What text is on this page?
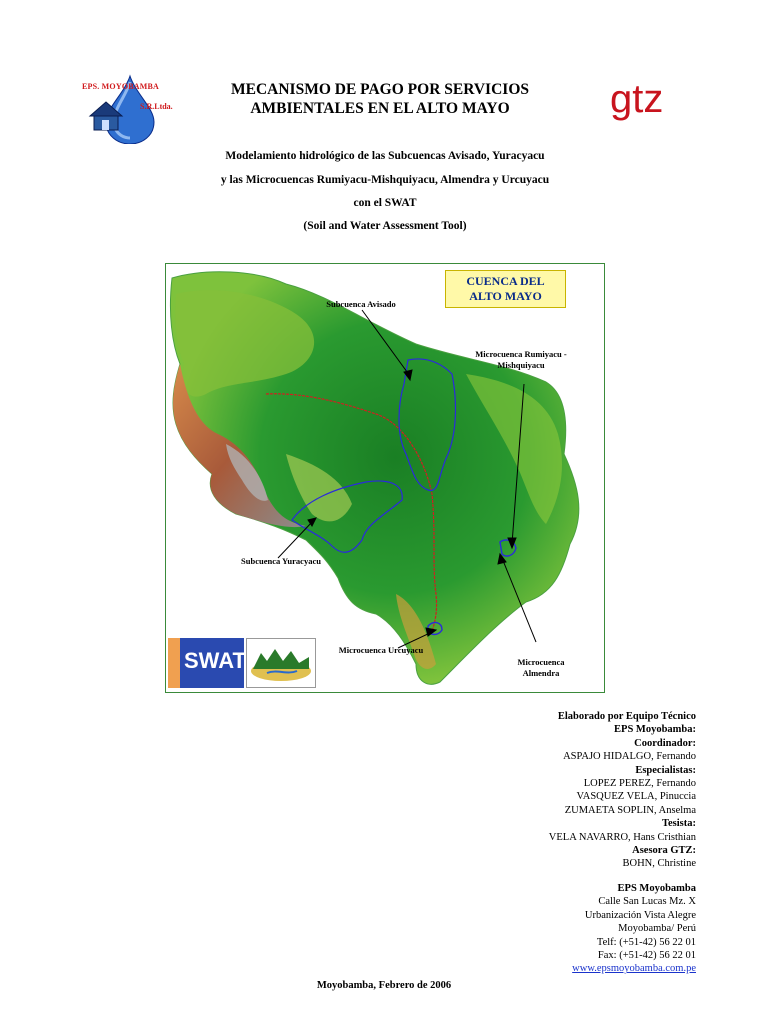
EPS. MOYOBAMBA
S.R.Ltda.
MECANISMO DE PAGO POR SERVICIOS
AMBIENTALES EN EL ALTO MAYO	gtz
Modelamiento hidrológico de las Subcuencas Avisado, Yuracyacu
y las Microcuencas Rumiyacu-Mishquiyacu, Almendra y Urcuyacu
con el SWAT
(Soil and Water Assessment Tool)
Subcuenca Avisado
Microcuenca Rumiyacu -
Mishquiyacu
Subcuenca Yuracyacu
Microcuenca Urcuyacu
Microcuenca
Almendra
SWAT
CUENCA DEL
ALTO MAYO
Elaborado por Equipo Técnico
EPS Moyobamba:
Coordinador:
ASPAJO HIDALGO, Fernando
Especialistas:
LOPEZ PEREZ, Fernando
VASQUEZ VELA, Pinuccia
ZUMAETA SOPLIN, Anselma
Tesista:
VELA NAVARRO, Hans Cristhian
Asesora GTZ:
BOHN, Christine
EPS Moyobamba
Calle San Lucas Mz. X
Urbanización Vista Alegre
Moyobamba/ Perú
Telf: (+51-42) 56 22 01
Fax: (+51-42) 56 22 01
www.epsmoyobamba.com.pe
Moyobamba, Febrero de 2006
